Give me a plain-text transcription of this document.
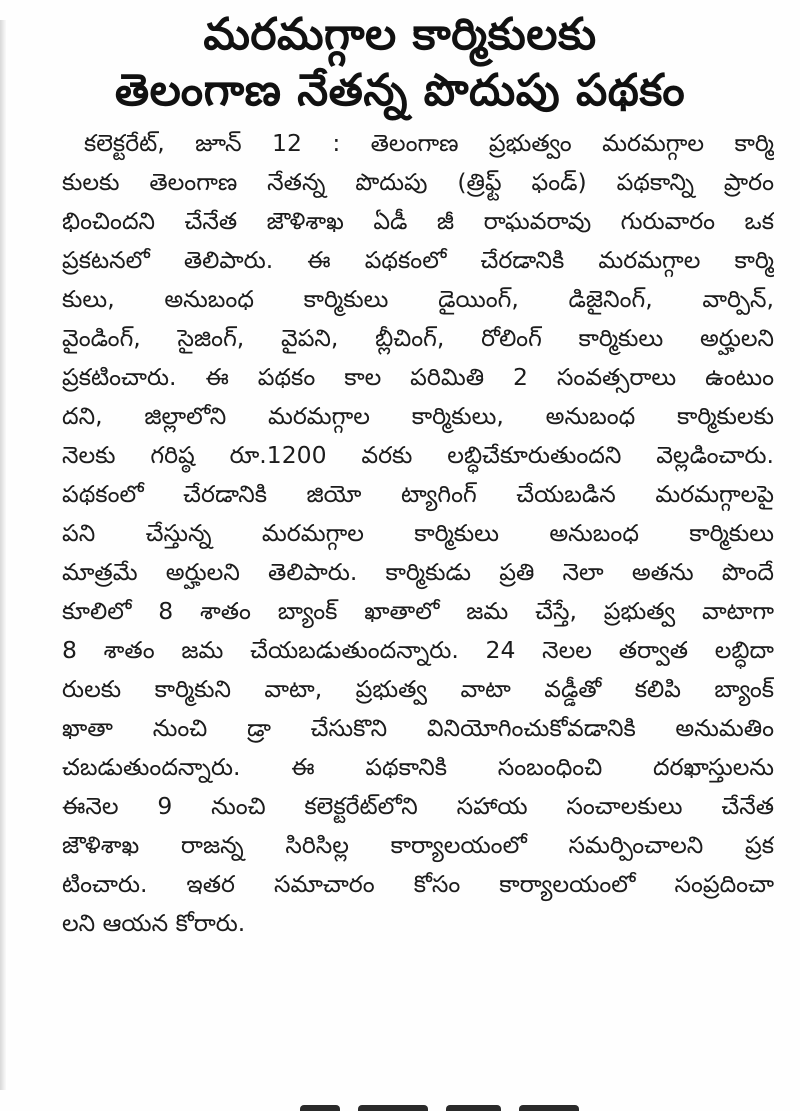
మరమగ్గాల కార్మికులకు
తెలంగాణ నేతన్న పొదుపు పథకం
కలెక్టరేట్, జూన్ 12 : తెలంగాణ ప్రభుత్వం మరమగ్గాల కార్మి
కులకు తెలంగాణ నేతన్న పొదుపు (త్రిఫ్ట్ ఫండ్) పథకాన్ని ప్రారం
భించిందని చేనేత జౌళిశాఖ ఏడీ జీ రాఘవరావు గురువారం ఒక
ప్రకటనలో తెలిపారు. ఈ పథకంలో చేరడానికి మరమగ్గాల కార్మి
కులు, అనుబంధ కార్మికులు డైయింగ్, డిజైనింగ్, వార్పిన్,
వైండింగ్, సైజింగ్, వైపని, బ్లీచింగ్, రోలింగ్ కార్మికులు అర్హులని
ప్రకటించారు. ఈ పథకం కాల పరిమితి 2 సంవత్సరాలు ఉంటుం
దని, జిల్లాలోని మరమగ్గాల కార్మికులు, అనుబంధ కార్మికులకు
నెలకు గరిష్ఠ రూ.1200 వరకు లబ్ధిచేకూరుతుందని వెల్లడించారు.
పథకంలో చేరడానికి జియో ట్యాగింగ్ చేయబడిన మరమగ్గాలపై
పని చేస్తున్న మరమగ్గాల కార్మికులు అనుబంధ కార్మికులు
మాత్రమే అర్హులని తెలిపారు. కార్మికుడు ప్రతి నెలా అతను పొందే
కూలిలో 8 శాతం బ్యాంక్ ఖాతాలో జమ చేస్తే, ప్రభుత్వ వాటాగా
8 శాతం జమ చేయబడుతుందన్నారు. 24 నెలల తర్వాత లబ్ధిదా
రులకు కార్మికుని వాటా, ప్రభుత్వ వాటా వడ్డీతో కలిపి బ్యాంక్
ఖాతా నుంచి డ్రా చేసుకొని వినియోగించుకోవడానికి అనుమతిం
చబడుతుందన్నారు. ఈ పథకానికి సంబంధించి దరఖాస్తులను
ఈనెల 9 నుంచి కలెక్టరేట్‌లోని సహాయ సంచాలకులు చేనేత
జౌళిశాఖ రాజన్న సిరిసిల్ల కార్యాలయంలో సమర్పించాలని ప్రక
టించారు. ఇతర సమాచారం కోసం కార్యాలయంలో సంప్రదించా
లని ఆయన కోరారు.
